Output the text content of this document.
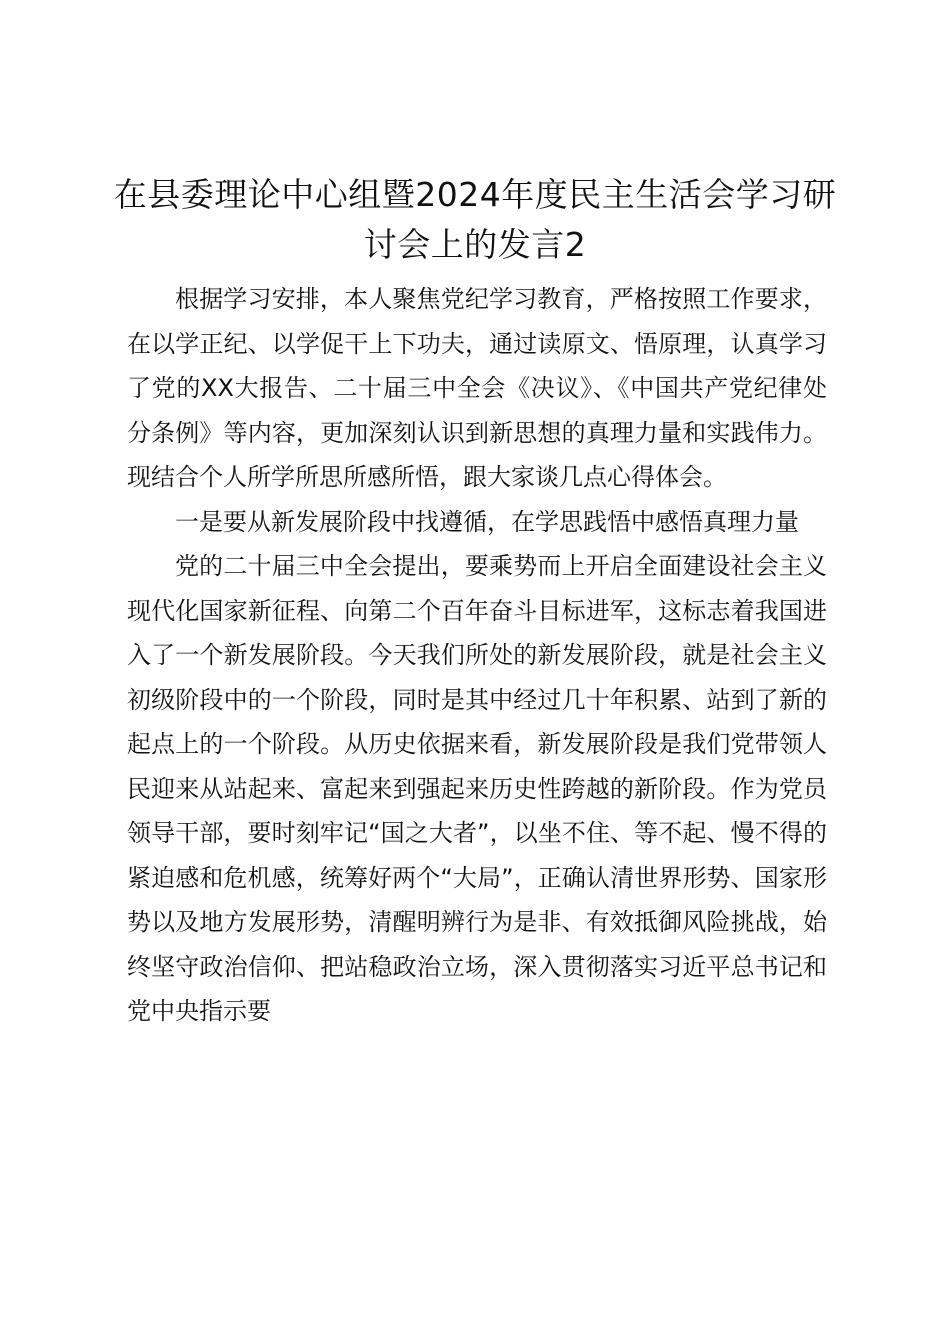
在县委理论中心组暨2024年度民主生活会学习研讨会上的发言2

根据学习安排，本人聚焦党纪学习教育，严格按照工作要求，在以学正纪、以学促干上下功夫，通过读原文、悟原理，认真学习了党的XX大报告、二十届三中全会《决议》、《中国共产党纪律处分条例》等内容，更加深刻认识到新思想的真理力量和实践伟力。现结合个人所学所思所感所悟，跟大家谈几点心得体会。

一是要从新发展阶段中找遵循，在学思践悟中感悟真理力量

党的二十届三中全会提出，要乘势而上开启全面建设社会主义现代化国家新征程、向第二个百年奋斗目标进军，这标志着我国进入了一个新发展阶段。今天我们所处的新发展阶段，就是社会主义初级阶段中的一个阶段，同时是其中经过几十年积累、站到了新的起点上的一个阶段。从历史依据来看，新发展阶段是我们党带领人民迎来从站起来、富起来到强起来历史性跨越的新阶段。作为党员领导干部，要时刻牢记“国之大者”，以坐不住、等不起、慢不得的紧迫感和危机感，统筹好两个“大局”，正确认清世界形势、国家形势以及地方发展形势，清醒明辨行为是非、有效抵御风险挑战，始终坚守政治信仰、把站稳政治立场，深入贯彻落实习近平总书记和党中央指示要
